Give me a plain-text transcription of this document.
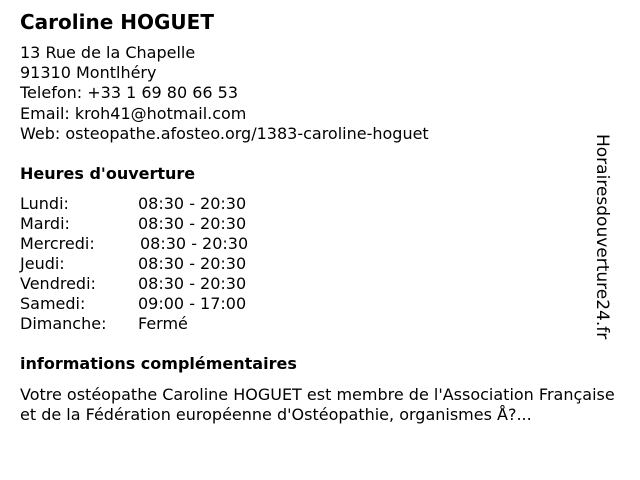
Caroline HOGUET
13 Rue de la Chapelle
91310 Montlhéry
Telefon: +33 1 69 80 66 53
Email: kroh41@hotmail.com
Web: osteopathe.afosteo.org/1383-caroline-hoguet
Heures d'ouverture
Lundi:	08:30 - 20:30
Mardi:	08:30 - 20:30
Mercredi:	08:30 - 20:30
Jeudi:	08:30 - 20:30
Vendredi:	08:30 - 20:30
Samedi:	09:00 - 17:00
Dimanche: Fermé
informations complémentaires
Votre ostéopathe Caroline HOGUET est membre de l'Association Française et de la Fédération européenne d'Ostéopathie, organismes Å?...
Horairesdouverture24.fr
